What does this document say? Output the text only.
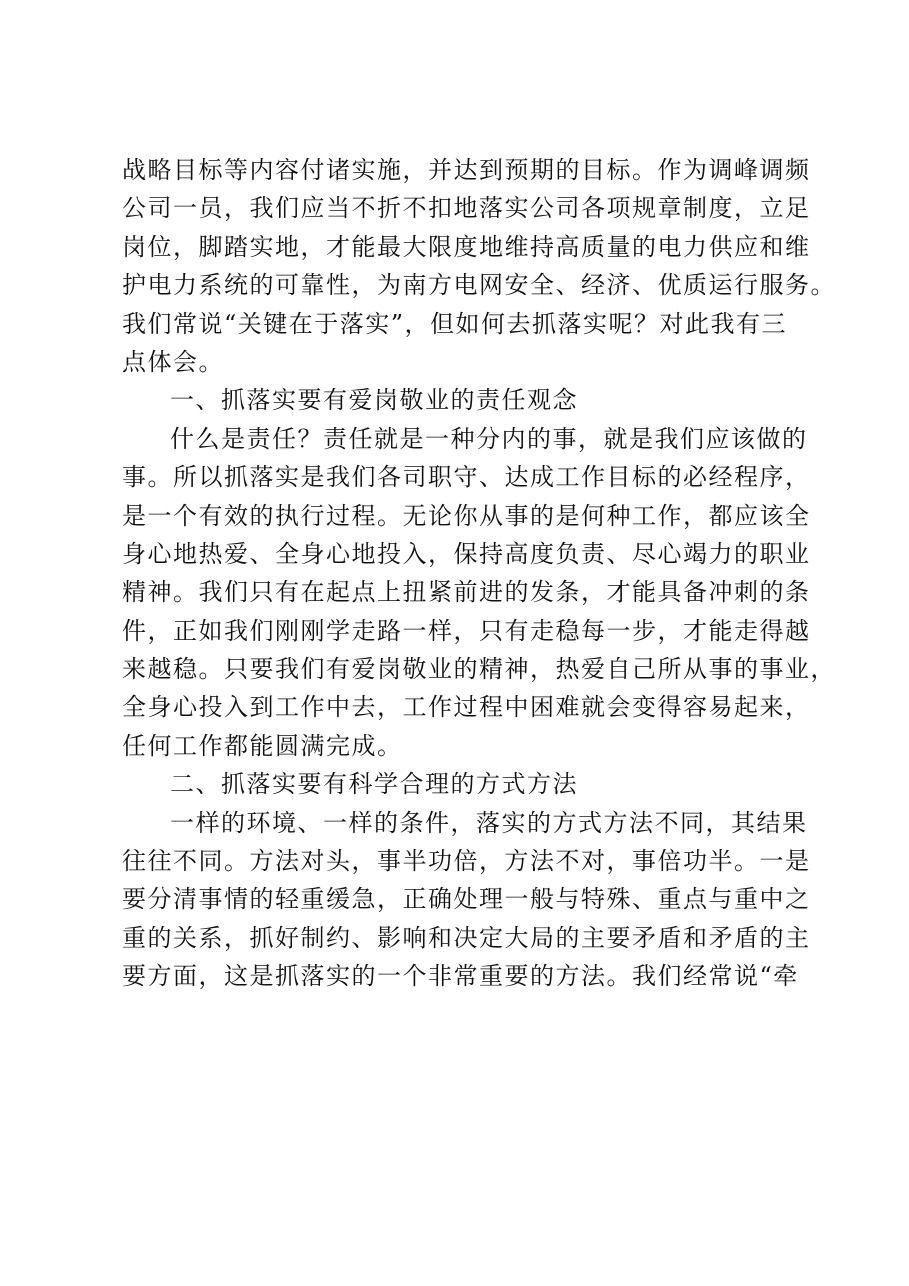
战略目标等内容付诸实施，并达到预期的目标。作为调峰调频
公司一员，我们应当不折不扣地落实公司各项规章制度，立足
岗位，脚踏实地，才能最大限度地维持高质量的电力供应和维
护电力系统的可靠性，为南方电网安全、经济、优质运行服务。
我们常说“关键在于落实”，但如何去抓落实呢？对此我有三
点体会。
一、抓落实要有爱岗敬业的责任观念
什么是责任？责任就是一种分内的事，就是我们应该做的
事。所以抓落实是我们各司职守、达成工作目标的必经程序，
是一个有效的执行过程。无论你从事的是何种工作，都应该全
身心地热爱、全身心地投入，保持高度负责、尽心竭力的职业
精神。我们只有在起点上扭紧前进的发条，才能具备冲刺的条
件，正如我们刚刚学走路一样，只有走稳每一步，才能走得越
来越稳。只要我们有爱岗敬业的精神，热爱自己所从事的事业，
全身心投入到工作中去，工作过程中困难就会变得容易起来，
任何工作都能圆满完成。
二、抓落实要有科学合理的方式方法
一样的环境、一样的条件，落实的方式方法不同，其结果
往往不同。方法对头，事半功倍，方法不对，事倍功半。一是
要分清事情的轻重缓急，正确处理一般与特殊、重点与重中之
重的关系，抓好制约、影响和决定大局的主要矛盾和矛盾的主
要方面，这是抓落实的一个非常重要的方法。我们经常说“牵
